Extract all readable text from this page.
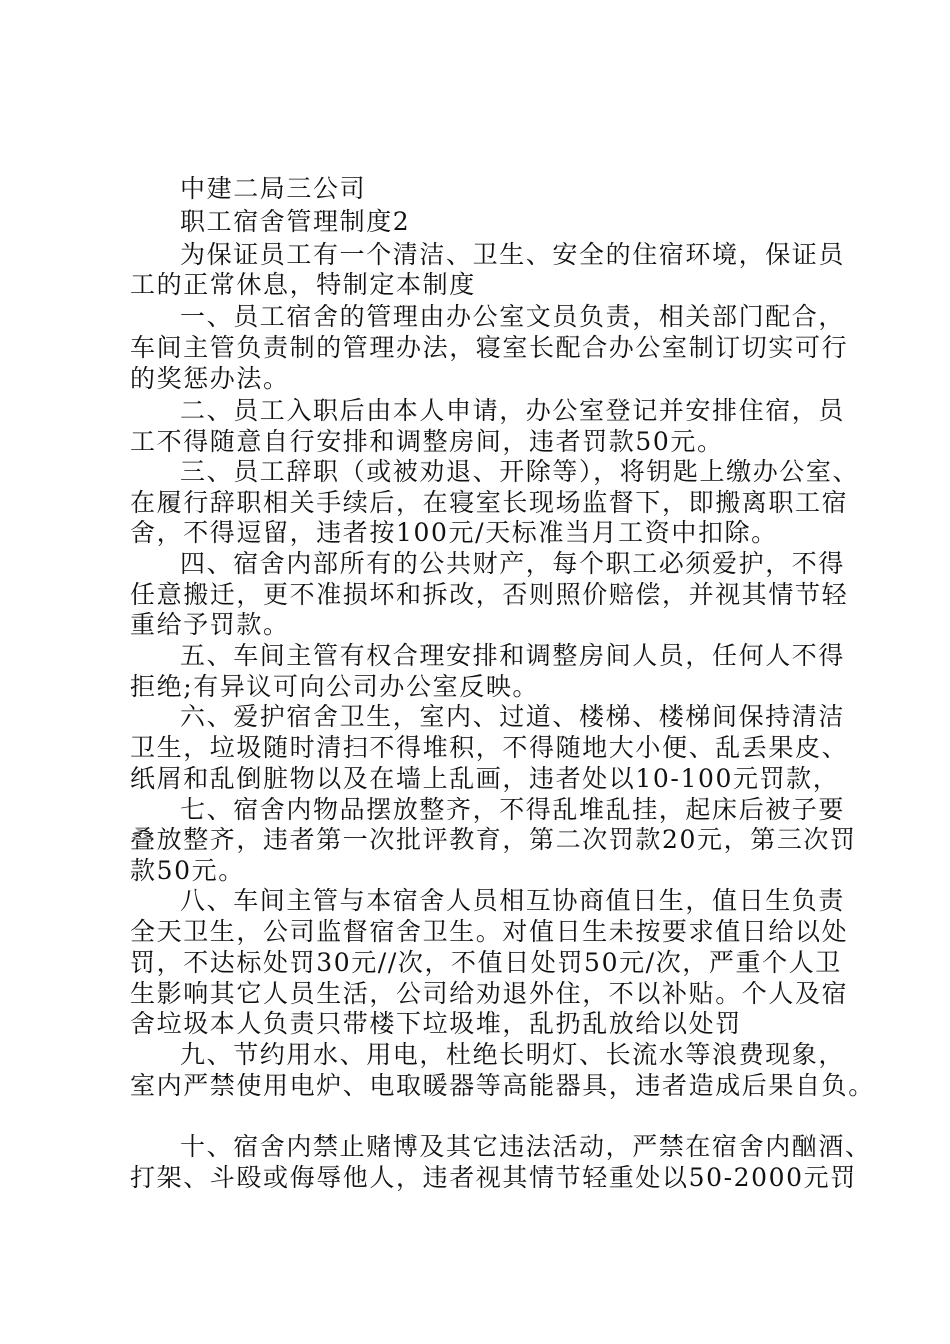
中建二局三公司
职工宿舍管理制度2
为保证员工有一个清洁、卫生、安全的住宿环境，保证员
工的正常休息，特制定本制度
一、员工宿舍的管理由办公室文员负责，相关部门配合，
车间主管负责制的管理办法，寝室长配合办公室制订切实可行
的奖惩办法。
二、员工入职后由本人申请，办公室登记并安排住宿，员
工不得随意自行安排和调整房间，违者罚款50元。
三、员工辞职（或被劝退、开除等），将钥匙上缴办公室、
在履行辞职相关手续后，在寝室长现场监督下，即搬离职工宿
舍，不得逗留，违者按100元/天标准当月工资中扣除。
四、宿舍内部所有的公共财产，每个职工必须爱护，不得
任意搬迁，更不准损坏和拆改，否则照价赔偿，并视其情节轻
重给予罚款。
五、车间主管有权合理安排和调整房间人员，任何人不得
拒绝;有异议可向公司办公室反映。
六、爱护宿舍卫生，室内、过道、楼梯、楼梯间保持清洁
卫生，垃圾随时清扫不得堆积，不得随地大小便、乱丢果皮、
纸屑和乱倒脏物以及在墙上乱画，违者处以10-100元罚款，
七、宿舍内物品摆放整齐，不得乱堆乱挂，起床后被子要
叠放整齐，违者第一次批评教育，第二次罚款20元，第三次罚
款50元。
八、车间主管与本宿舍人员相互协商值日生，值日生负责
全天卫生，公司监督宿舍卫生。对值日生未按要求值日给以处
罚，不达标处罚30元//次，不值日处罚50元/次，严重个人卫
生影响其它人员生活，公司给劝退外住，不以补贴。个人及宿
舍垃圾本人负责只带楼下垃圾堆，乱扔乱放给以处罚
九、节约用水、用电，杜绝长明灯、长流水等浪费现象，
室内严禁使用电炉、电取暖器等高能器具，违者造成后果自负。
十、宿舍内禁止赌博及其它违法活动，严禁在宿舍内酗酒、
打架、斗殴或侮辱他人，违者视其情节轻重处以50-2000元罚
